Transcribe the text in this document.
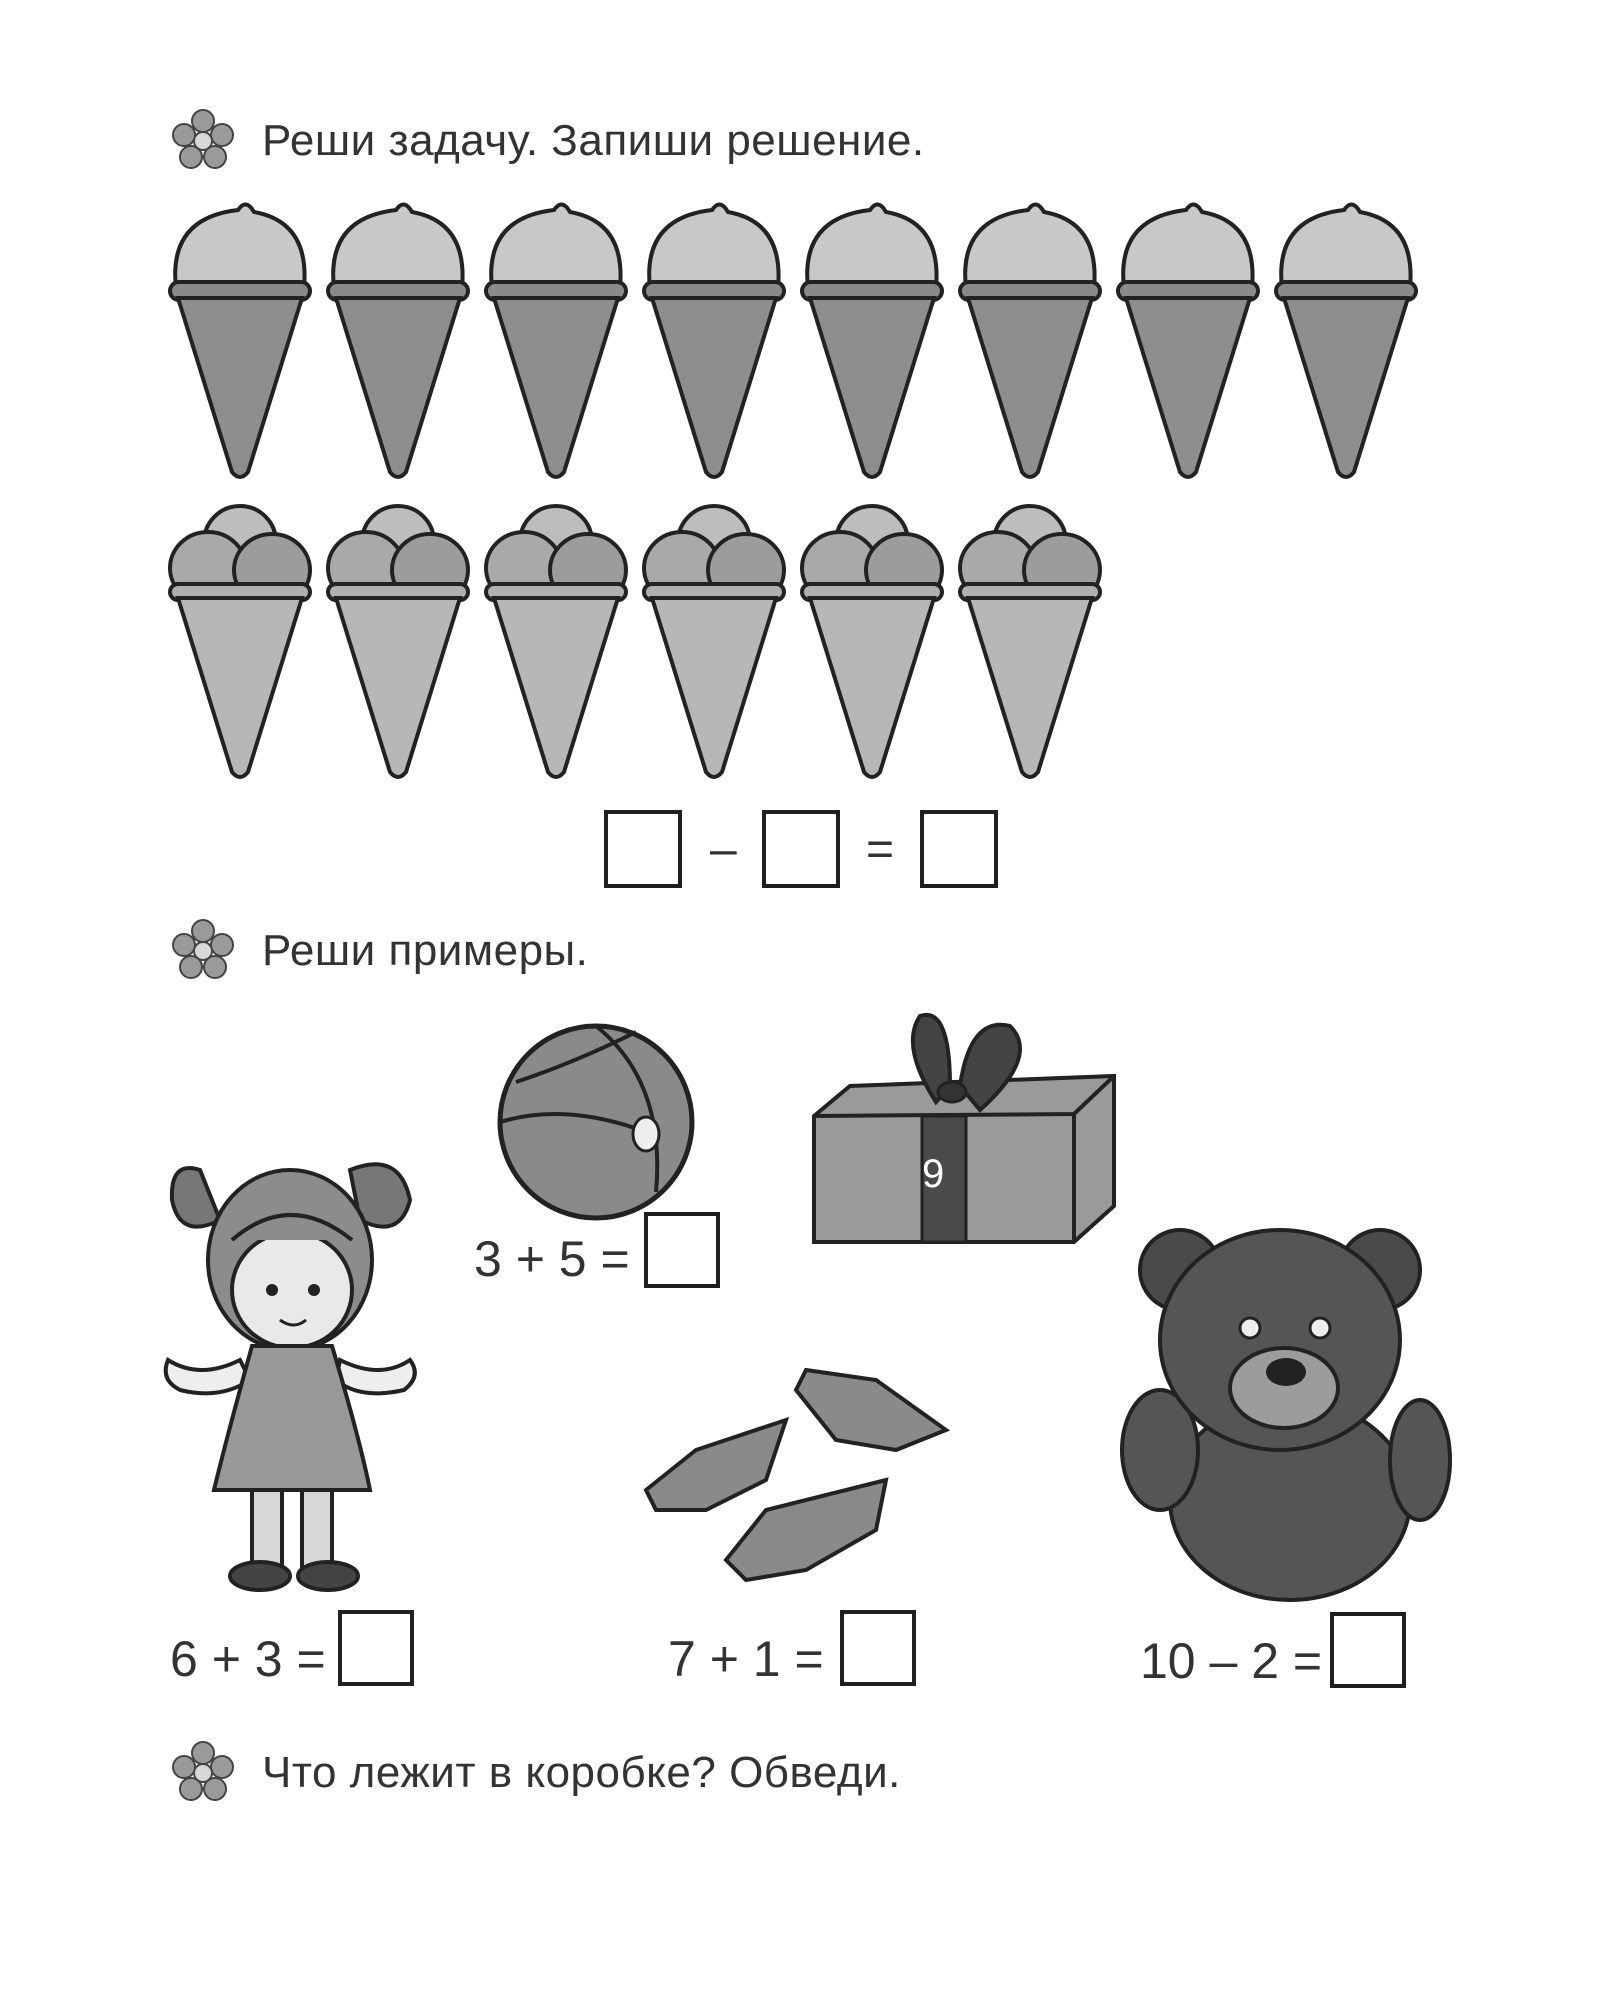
Реши задачу. Запиши решение.
–	=
Реши примеры.
3 + 5 =
9
6 + 3 =	7 + 1 =	10 – 2 =
Что лежит в коробке? Обведи.
